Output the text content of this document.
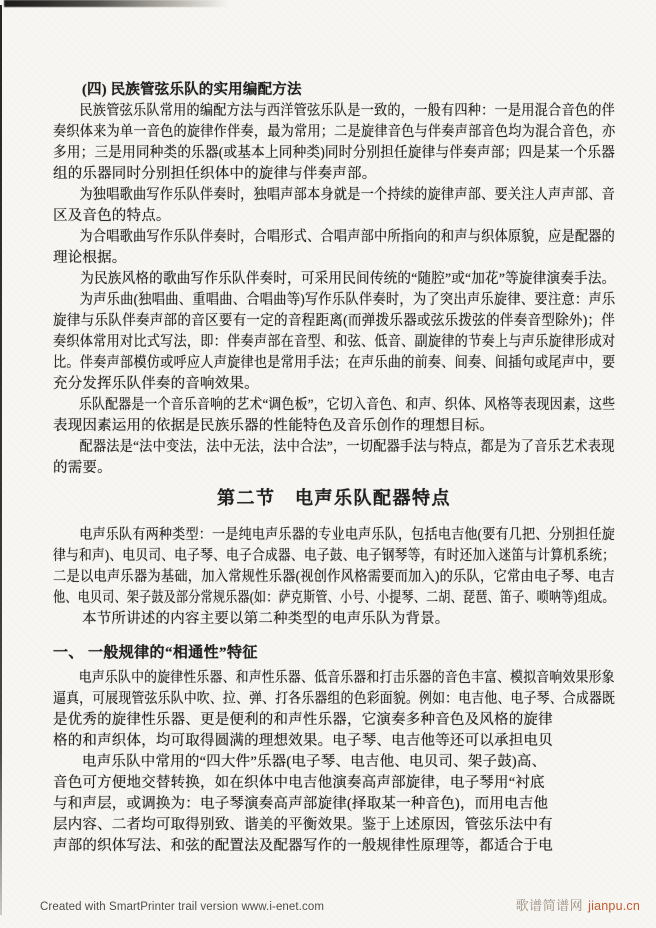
(四) 民族管弦乐队的实用编配方法
民族管弦乐队常用的编配方法与西洋管弦乐队是一致的，一般有四种：一是用混合音色的伴
奏织体来为单一音色的旋律作伴奏，最为常用；二是旋律音色与伴奏声部音色均为混合音色，亦
多用；三是用同种类的乐器(或基本上同种类)同时分别担任旋律与伴奏声部；四是某一个乐器
组的乐器同时分别担任织体中的旋律与伴奏声部。
为独唱歌曲写作乐队伴奏时，独唱声部本身就是一个持续的旋律声部、要关注人声声部、音
区及音色的特点。
为合唱歌曲写作乐队伴奏时，合唱形式、合唱声部中所指向的和声与织体原貌，应是配器的
理论根据。
为民族风格的歌曲写作乐队伴奏时，可采用民间传统的“随腔”或“加花”等旋律演奏手法。
为声乐曲(独唱曲、重唱曲、合唱曲等)写作乐队伴奏时，为了突出声乐旋律、要注意：声乐
旋律与乐队伴奏声部的音区要有一定的音程距离(而弹拨乐器或弦乐拨弦的伴奏音型除外)；伴
奏织体常用对比式写法，即：伴奏声部在音型、和弦、低音、副旋律的节奏上与声乐旋律形成对
比。伴奏声部模仿或呼应人声旋律也是常用手法；在声乐曲的前奏、间奏、间插句或尾声中，要
充分发挥乐队伴奏的音响效果。
乐队配器是一个音乐音响的艺术“调色板”，它切入音色、和声、织体、风格等表现因素，这些
表现因素运用的依据是民族乐器的性能特色及音乐创作的理想目标。
配器法是“法中变法，法中无法，法中合法”，一切配器手法与特点，都是为了音乐艺术表现
的需要。
第二节　电声乐队配器特点
电声乐队有两种类型：一是纯电声乐器的专业电声乐队，包括电吉他(要有几把、分别担任旋
律与和声)、电贝司、电子琴、电子合成器、电子鼓、电子钢琴等，有时还加入迷笛与计算机系统；
二是以电声乐器为基础，加入常规性乐器(视创作风格需要而加入)的乐队，它常由电子琴、电吉
他、电贝司、架子鼓及部分常规乐器(如：萨克斯管、小号、小提琴、二胡、琵琶、笛子、唢呐等)组成。
本节所讲述的内容主要以第二种类型的电声乐队为背景。
一、 一般规律的“相通性”特征
电声乐队中的旋律性乐器、和声性乐器、低音乐器和打击乐器的音色丰富、模拟音响效果形象
逼真，可展现管弦乐队中吹、拉、弹、打各乐器组的色彩面貌。例如：电吉他、电子琴、合成器既
是优秀的旋律性乐器、更是便利的和声性乐器，它演奏多种音色及风格的旋律
格的和声织体，均可取得圆满的理想效果。电子琴、电吉他等还可以承担电贝
电声乐队中常用的“四大件”乐器(电子琴、电吉他、电贝司、架子鼓)高、
音色可方便地交替转换，如在织体中电吉他演奏高声部旋律，电子琴用“衬底
与和声层，或调换为：电子琴演奏高声部旋律(择取某一种音色)，而用电吉他
层内容、二者均可取得别致、谐美的平衡效果。鉴于上述原因，管弦乐法中有
声部的织体写法、和弦的配置法及配器写作的一般规律性原理等，都适合于电
Created with SmartPrinter trail version www.i-enet.com	歌谱简谱网 jianpu.cn
